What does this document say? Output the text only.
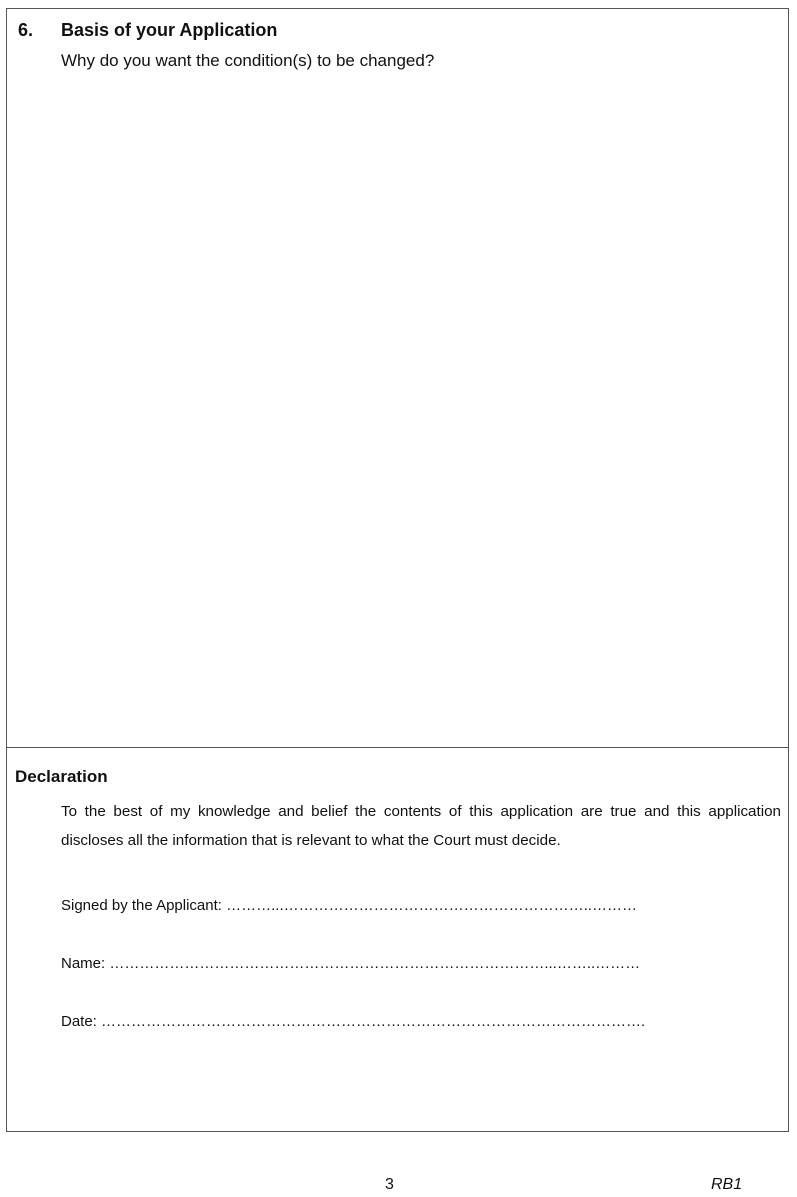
6. Basis of your Application
Why do you want the condition(s) to be changed?
Declaration
To the best of my knowledge and belief the contents of this application are true and this application discloses all the information that is relevant to what the Court must decide.
Signed by the Applicant: ………...……………………………………………………..………
Name: ……………………………………………………………………………...……..………
Date: ……………………………………………………………………………………………….
3	RB1
